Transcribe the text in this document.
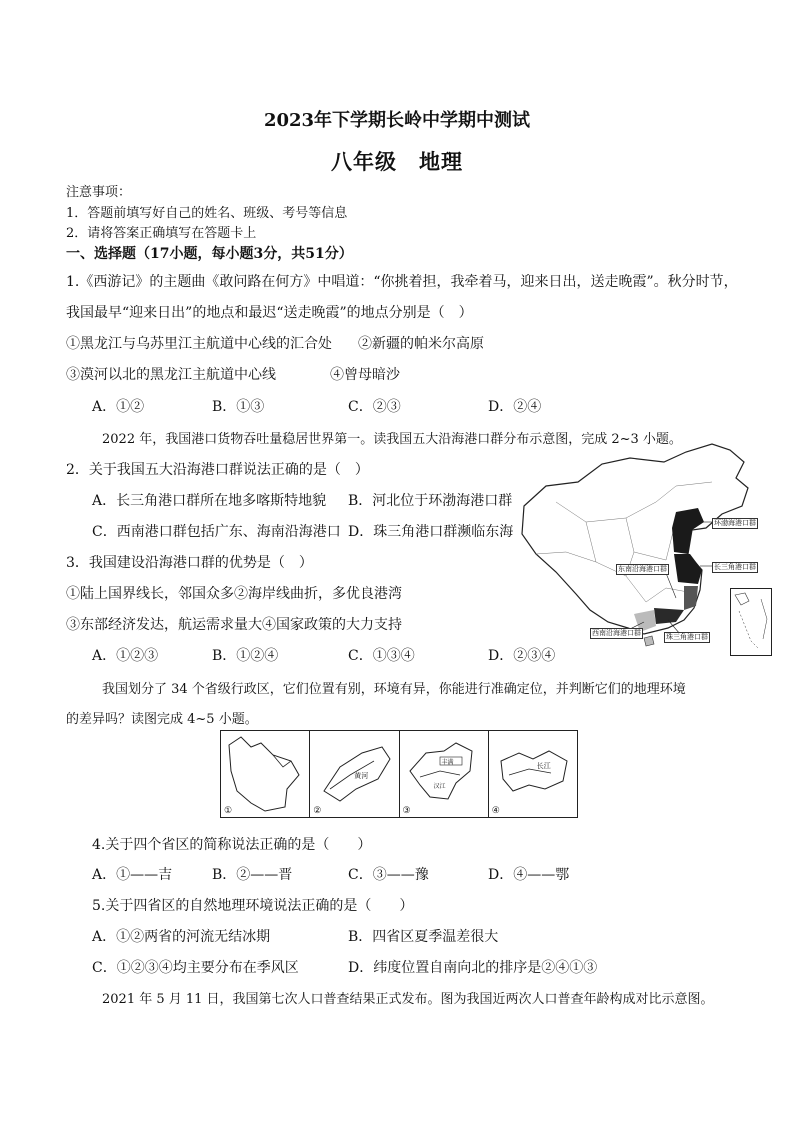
2023年下学期长岭中学期中测试
八年级　地理
注意事项：
1．答题前填写好自己的姓名、班级、考号等信息
2．请将答案正确填写在答题卡上
一、选择题（17小题，每小题3分，共51分）
1.《西游记》的主题曲《敢问路在何方》中唱道：“你挑着担，我牵着马，迎来日出，送走晚霞”。秋分时节，
我国最早“迎来日出”的地点和最迟“送走晚霞”的地点分别是（　）
①黑龙江与乌苏里江主航道中心线的汇合处 ②新疆的帕米尔高原
③漠河以北的黑龙江主航道中心线	④曾母暗沙
A．①②	B．①③	C．②③	D．②④
2022 年，我国港口货物吞吐量稳居世界第一。读我国五大沿海港口群分布示意图，完成 2~3 小题。
2．关于我国五大沿海港口群说法正确的是（　）
A．长三角港口群所在地多喀斯特地貌 B．河北位于环渤海港口群
C．西南港口群包括广东、海南沿海港口 D．珠三角港口群濒临东海
3．我国建设沿海港口群的优势是（　）
①陆上国界线长，邻国众多②海岸线曲折，多优良港湾
③东部经济发达，航运需求量大④国家政策的大力支持
A．①②③	B．①②④	C．①③④	D．②③④
环渤海港口群
长三角港口群
东南沿海港口群
西南沿海港口群	珠三角港口群
我国划分了 34 个省级行政区，它们位置有别，环境有异，你能进行准确定位，并判断它们的地理环境
的差异吗？读图完成 4~5 小题。
①
黄河
②
丰满
汉江
③
长江
④
4.关于四个省区的简称说法正确的是（　　）
A．①——吉	B．②——晋	C．③——豫	D．④——鄂
5.关于四省区的自然地理环境说法正确的是（　　）
A．①②两省的河流无结冰期	B．四省区夏季温差很大
C．①②③④均主要分布在季风区	D．纬度位置自南向北的排序是②④①③
2021 年 5 月 11 日，我国第七次人口普查结果正式发布。图为我国近两次人口普查年龄构成对比示意图。
